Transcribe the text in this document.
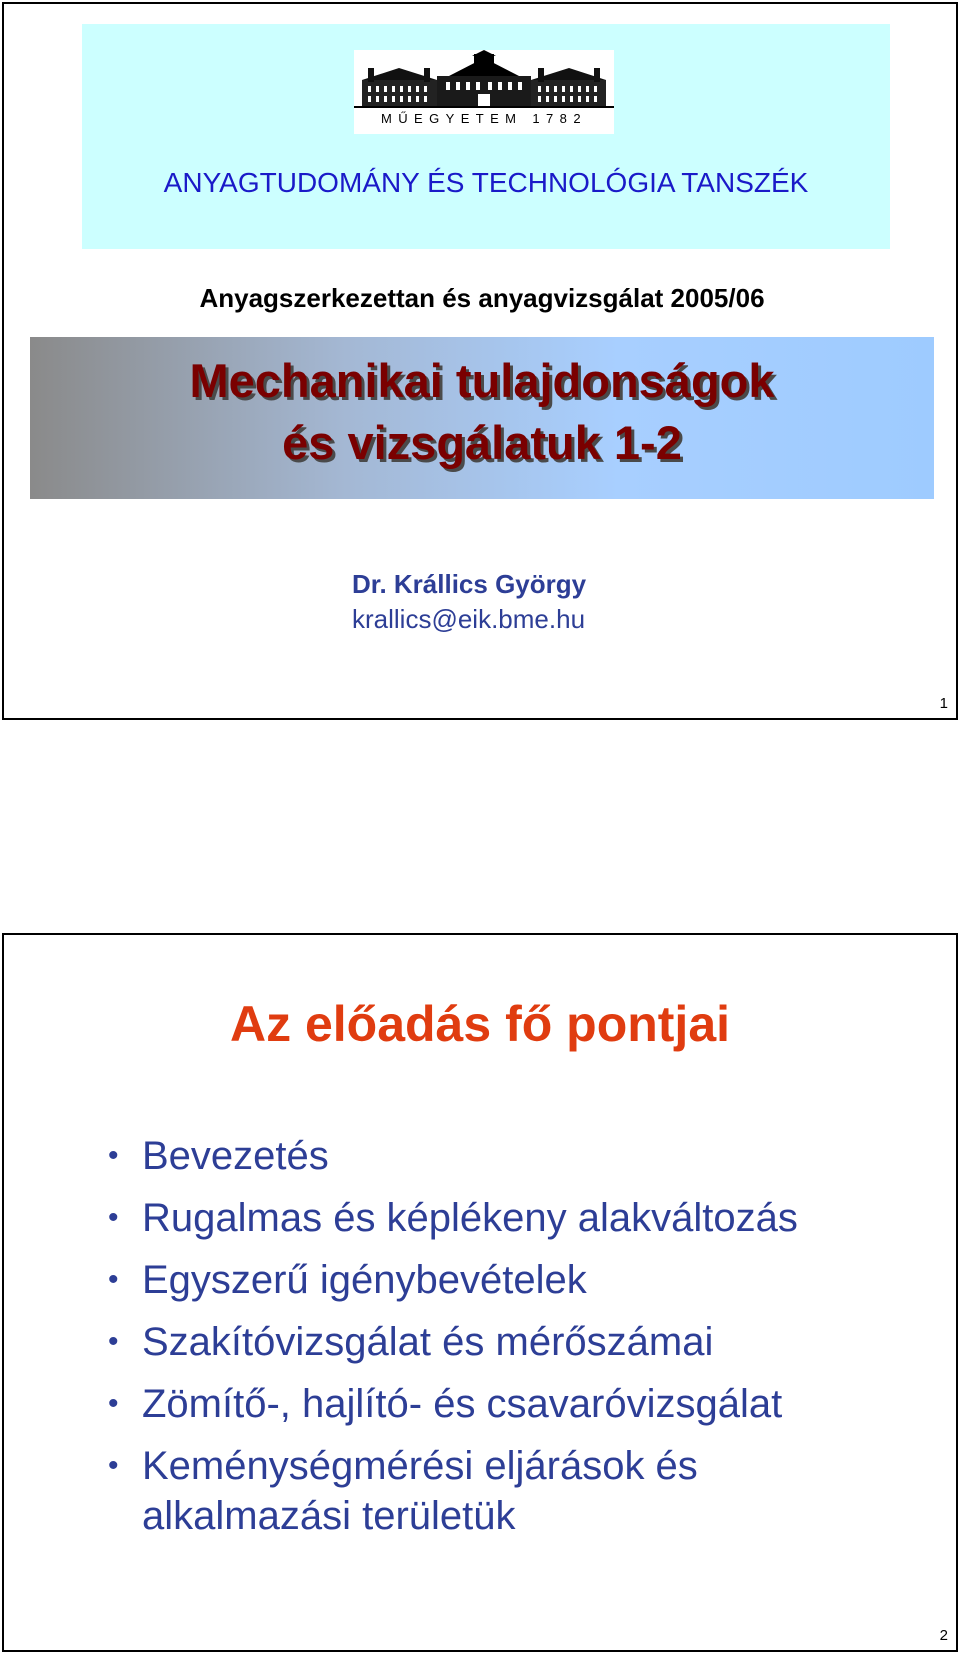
MŰEGYETEM 1782
ANYAGTUDOMÁNY ÉS TECHNOLÓGIA TANSZÉK
Anyagszerkezettan és anyagvizsgálat 2005/06
Mechanikai tulajdonságok
és vizsgálatuk 1-2
Dr. Krállics György
krallics@eik.bme.hu
1
Az előadás fő pontjai
• Bevezetés
• Rugalmas és képlékeny alakváltozás
• Egyszerű igénybevételek
• Szakítóvizsgálat és mérőszámai
• Zömítő-, hajlító- és csavaróvizsgálat
• Keménységmérési eljárások és alkalmazási területük
2
